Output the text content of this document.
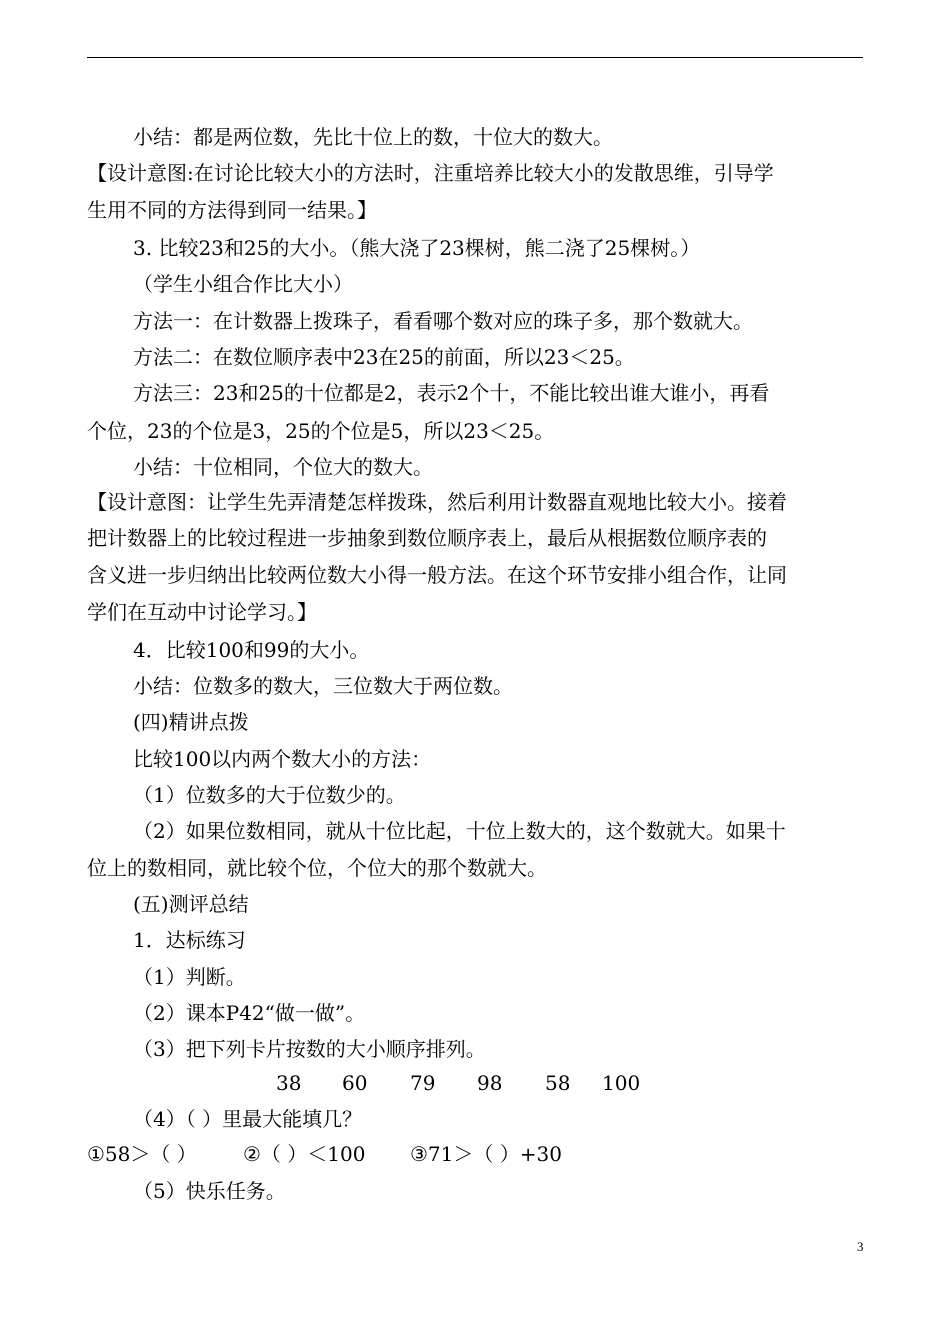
小结：都是两位数，先比十位上的数，十位大的数大。
【设计意图:在讨论比较大小的方法时，注重培养比较大小的发散思维，引导学
生用不同的方法得到同一结果。】
3. 比较23和25的大小。（熊大浇了23棵树，熊二浇了25棵树。）
（学生小组合作比大小）
方法一：在计数器上拨珠子，看看哪个数对应的珠子多，那个数就大。
方法二：在数位顺序表中23在25的前面，所以23＜25。
方法三：23和25的十位都是2，表示2个十，不能比较出谁大谁小，再看
个位，23的个位是3，25的个位是5，所以23＜25。
小结：十位相同，个位大的数大。
【设计意图：让学生先弄清楚怎样拨珠，然后利用计数器直观地比较大小。接着
把计数器上的比较过程进一步抽象到数位顺序表上，最后从根据数位顺序表的
含义进一步归纳出比较两位数大小得一般方法。在这个环节安排小组合作，让同
学们在互动中讨论学习。】
4．比较100和99的大小。
小结：位数多的数大，三位数大于两位数。
(四)精讲点拨
比较100以内两个数大小的方法：
（1）位数多的大于位数少的。
（2）如果位数相同，就从十位比起，十位上数大的，这个数就大。如果十
位上的数相同，就比较个位，个位大的那个数就大。
(五)测评总结
1．达标练习
（1）判断。
（2）课本P42“做一做”。
（3）把下列卡片按数的大小顺序排列。
38 60 79 98 58 100
（4）（ ）里最大能填几？
①58＞（ ） ②（ ）＜100 ③71＞（ ）+30
（5）快乐任务。
3
